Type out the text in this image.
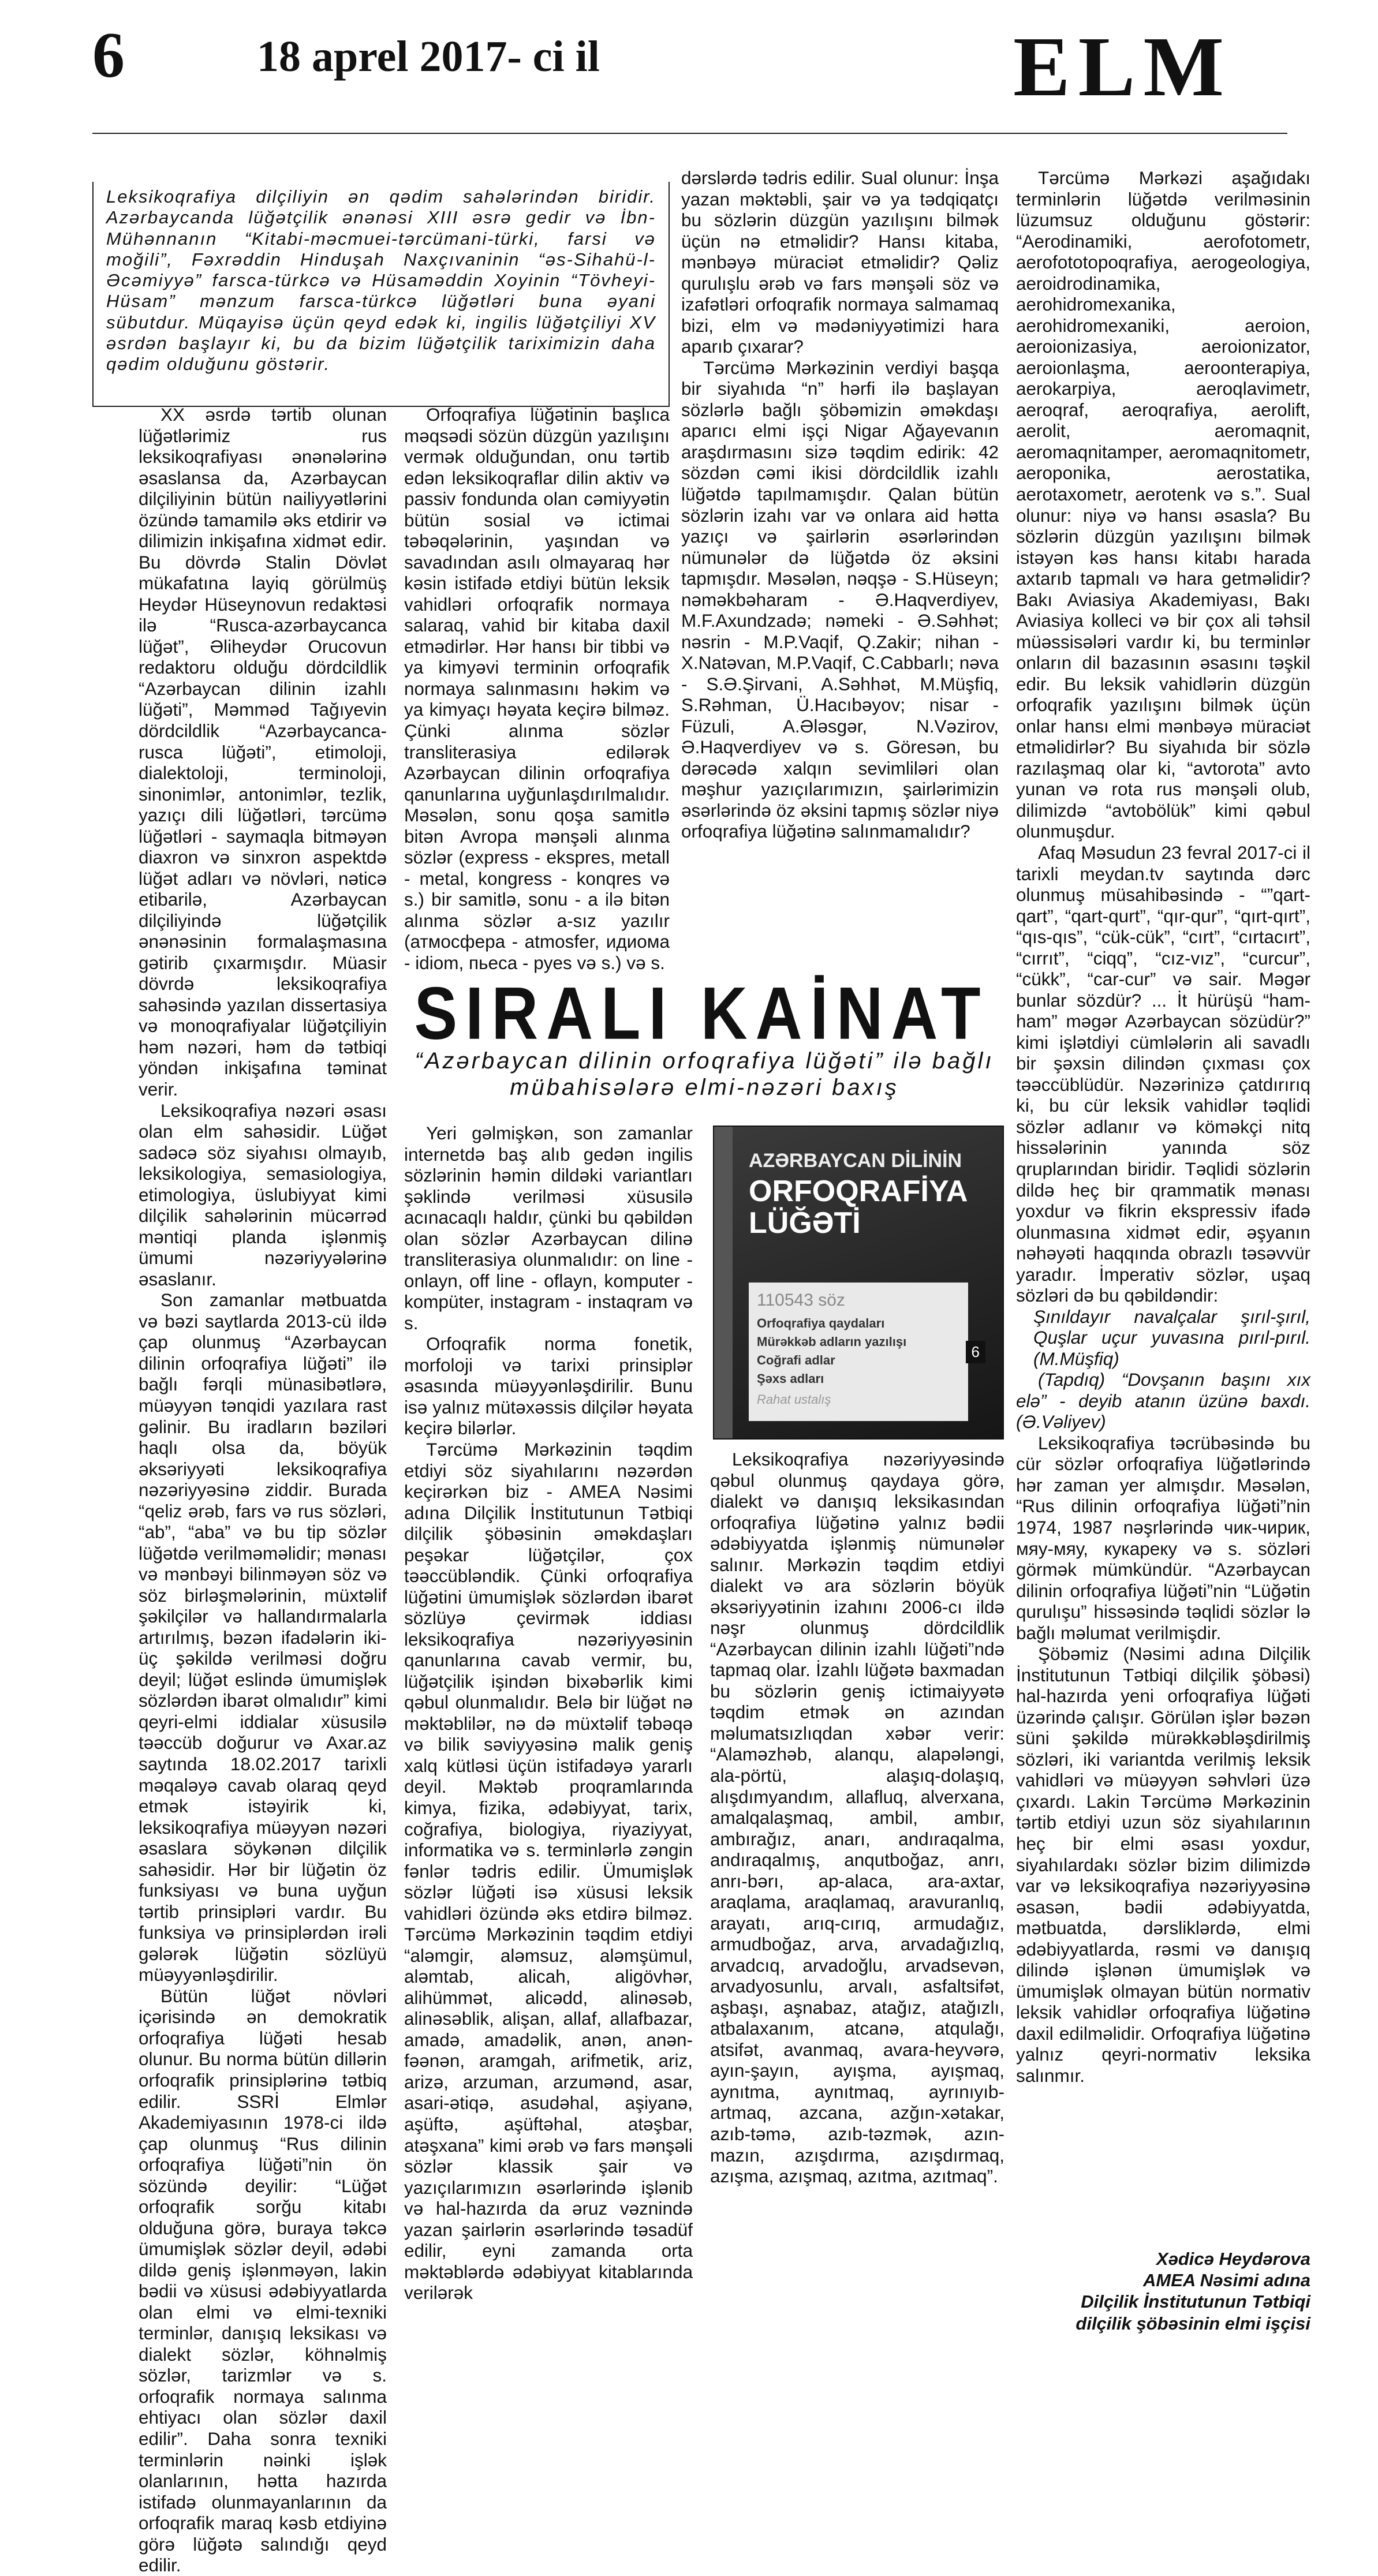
6	18 aprel 2017- ci il	ELM
Leksikoqrafiya dilçiliyin ən qədim sahələrindən biridir. Azərbaycanda lüğətçilik ənənəsi XIII əsrə gedir və İbn-Mühənnanın “Kitabi-məcmuei-tərcümani-türki, farsi və moğili”, Fəxrəddin Hinduşah Naxçıvaninin “əs-Sihahü-l-Əcəmiyyə” farsca-türkcə və Hüsaməddin Xoyinin “Tövheyi-Hüsam” mənzum farsca-türkcə lüğətləri buna əyani sübutdur. Müqayisə üçün qeyd edək ki, ingilis lüğətçiliyi XV əsrdən başlayır ki, bu da bizim lüğətçilik tariximizin daha qədim olduğunu göstərir.

XX əsrdə tərtib olunan lüğətlərimiz rus leksikoqrafiyası ənənələrinə əsaslansa da, Azərbaycan dilçiliyinin bütün nailiyyətlərini özündə tamamilə əks etdirir və dilimizin inkişafına xidmət edir. Bu dövrdə Stalin Dövlət mükafatına layiq görülmüş Heydər Hüseynovun redaktəsi ilə “Rusca-azərbaycanca lüğət”, Əliheydər Orucovun redaktoru olduğu dördcildlik “Azərbaycan dilinin izahlı lüğəti”, Məmməd Tağıyevin dördcildlik “Azərbaycanca-rusca lüğəti”, etimoloji, dialektoloji, terminoloji, sinonimlər, antonimlər, tezlik, yazıçı dili lüğətləri, tərcümə lüğətləri - saymaqla bitməyən diaxron və sinxron aspektdə lüğət adları və növləri, nəticə etibarilə, Azərbaycan dilçiliyində lüğətçilik ənənəsinin formalaşmasına gətirib çıxarmışdır. Müasir dövrdə leksikoqrafiya sahəsində yazılan dissertasiya və monoqrafiyalar lüğətçiliyin həm nəzəri, həm də tətbiqi yöndən inkişafına təminat verir.

Leksikoqrafiya nəzəri əsası olan elm sahəsidir. Lüğət sadəcə söz siyahısı olmayıb, leksikologiya, semasiologiya, etimologiya, üslubiyyat kimi dilçilik sahələrinin mücərrəd məntiqi planda işlənmiş ümumi nəzəriyyələrinə əsaslanır.

Son zamanlar mətbuatda və bəzi saytlarda 2013-cü ildə çap olunmuş “Azərbaycan dilinin orfoqrafiya lüğəti” ilə bağlı fərqli münasibətlərə, müəyyən tənqidi yazılara rast gəlinir. Bu iradların bəziləri haqlı olsa da, böyük əksəriyyəti leksikoqrafiya nəzəriyyəsinə ziddir. Burada “qeliz ərəb, fars və rus sözləri, “ab”, “aba” və bu tip sözlər lüğətdə verilməməlidir; mənası və mənbəyi bilinməyən söz və söz birləşmələrinin, müxtəlif şəkilçilər və hallandırmalarla artırılmış, bəzən ifadələrin iki-üç şəkildə verilməsi doğru deyil; lüğət eslində ümumişlək sözlərdən ibarət olmalıdır” kimi qeyri-elmi iddialar xüsusilə təəccüb doğurur və Axar.az saytında 18.02.2017 tarixli məqaləyə cavab olaraq qeyd etmək istəyirik ki, leksikoqrafiya müəyyən nəzəri əsaslara söykənən dilçilik sahəsidir. Hər bir lüğətin öz funksiyası və buna uyğun tərtib prinsipləri vardır. Bu funksiya və prinsiplərdən irəli gələrək lüğətin sözlüyü müəyyənləşdirilir.

Bütün lüğət növləri içərisində ən demokratik orfoqrafiya lüğəti hesab olunur. Bu norma bütün dillərin orfoqrafik prinsiplərinə tətbiq edilir. SSRİ Elmlər Akademiyasının 1978-ci ildə çap olunmuş “Rus dilinin orfoqrafiya lüğəti”nin ön sözündə deyilir: “Lüğət orfoqrafik sorğu kitabı olduğuna görə, buraya təkcə ümumişlək sözlər deyil, ədəbi dildə geniş işlənməyən, lakin bədii və xüsusi ədəbiyyatlarda olan elmi və elmi-texniki terminlər, danışıq leksikası və dialekt sözlər, köhnəlmiş sözlər, tarizmlər və s. orfoqrafik normaya salınma ehtiyacı olan sözlər daxil edilir”. Daha sonra texniki terminlərin nəinki işlək olanlarının, hətta hazırda istifadə olunmayanlarının da orfoqrafik maraq kəsb etdiyinə görə lüğətə salındığı qeyd edilir.

Orfoqrafiya lüğətinin başlıca məqsədi sözün düzgün yazılışını vermək olduğundan, onu tərtib edən leksikoqraflar dilin aktiv və passiv fondunda olan cəmiyyətin bütün sosial və ictimai təbəqələrinin, yaşından və savadından asılı olmayaraq hər kəsin istifadə etdiyi bütün leksik vahidləri orfoqrafik normaya salaraq, vahid bir kitaba daxil etmədirlər. Hər hansı bir tibbi və ya kimyəvi terminin orfoqrafik normaya salınmasını həkim və ya kimyaçı həyata keçirə bilməz. Çünki alınma sözlər transliterasiya edilərək Azərbaycan dilinin orfoqrafiya qanunlarına uyğunlaşdırılmalıdır. Məsələn, sonu qoşa samitlə bitən Avropa mənşəli alınma sözlər (express - ekspres, metall - metal, kongress - konqres və s.) bir samitlə, sonu - a ilə bitən alınma sözlər a-sız yazılır (атмосфера - atmosfer, идиома - idiom, пьеса - pyes və s.) və s.

dərslərdə tədris edilir. Sual olunur: İnşa yazan məktəbli, şair və ya tədqiqatçı bu sözlərin düzgün yazılışını bilmək üçün nə etməlidir? Hansı kitaba, mənbəyə müraciət etməlidir? Qəliz qurulışlu ərəb və fars mənşəli söz və izafətləri orfoqrafik normaya salmamaq bizi, elm və mədəniyyətimizi hara aparıb çıxarar?

Tərcümə Mərkəzinin verdiyi başqa bir siyahıda “n” hərfi ilə başlayan sözlərlə bağlı şöbəmizin əməkdaşı aparıcı elmi işçi Nigar Ağayevanın araşdırmasını sizə təqdim edirik: 42 sözdən cəmi ikisi dördcildlik izahlı lüğətdə tapılmamışdır. Qalan bütün sözlərin izahı var və onlara aid hətta yazıçı və şairlərin əsərlərindən nümunələr də lüğətdə öz əksini tapmışdır. Məsələn, nəqşə - S.Hüseyn; nəməkbəharam - Ə.Haqverdiyev, M.F.Axundzadə; nəmeki - Ə.Səhhət; nəsrin - M.P.Vaqif, Q.Zakir; nihan - X.Natəvan, M.P.Vaqif, C.Cabbarlı; nəva - S.Ə.Şirvani, A.Səhhət, M.Müşfiq, S.Rəhman, Ü.Hacıbəyov; nisar - Füzuli, A.Ələsgər, N.Vəzirov, Ə.Haqverdiyev və s. Göresən, bu dərəcədə xalqın sevimliləri olan məşhur yazıçılarımızın, şairlərimizin əsərlərində öz əksini tapmış sözlər niyə orfoqrafiya lüğətinə salınmamalıdır?

Tərcümə Mərkəzi aşağıdakı terminlərin lüğətdə verilməsinin lüzumsuz olduğunu göstərir: “Aerodinamiki, aerofotometr, aerofototopoqrafiya, aerogeologiya, aeroidrodinamika, aerohidromexanika, aerohidromexaniki, aeroion, aeroionizasiya, aeroionizator, aeroionlaşma, aeroonterapiya, aerokarpiya, aeroqlavimetr, aeroqraf, aeroqrafiya, aerolift, aerolit, aeromaqnit, aeromaqnitamper, aeromaqnitometr, aeroponika, aerostatika, aerotaxometr, aerotenk və s.”. Sual olunur: niyə və hansı əsasla? Bu sözlərin düzgün yazılışını bilmək istəyən kəs hansı kitabı harada axtarıb tapmalı və hara getməlidir? Bakı Aviasiya Akademiyası, Bakı Aviasiya kolleci və bir çox ali təhsil müəssisələri vardır ki, bu terminlər onların dil bazasının əsasını təşkil edir. Bu leksik vahidlərin düzgün orfoqrafik yazılışını bilmək üçün onlar hansı elmi mənbəyə müraciət etməlidirlər? Bu siyahıda bir sözlə razılaşmaq olar ki, “avtorota” avto yunan və rota rus mənşəli olub, dilimizdə “avtobölük” kimi qəbul olunmuşdur.

Afaq Məsudun 23 fevral 2017-ci il tarixli meydan.tv saytında dərc olunmuş müsahibəsində - “”qart-qart”, “qart-qurt”, “qır-qur”, “qırt-qırt”, “qıs-qıs”, “cük-cük”, “cırt”, “cırtacırt”, “cırrıt”, “ciqq”, “cız-vız”, “curcur”, “cükk”, “car-cur” və sair. Məgər bunlar sözdür? ... İt hürüşü “ham-ham” məgər Azərbaycan sözüdür?” kimi işlətdiyi cümlələrin ali savadlı bir şəxsin dilindən çıxması çox təəccüblüdür. Nəzərinizə çatdırırıq ki, bu cür leksik vahidlər təqlidi sözlər adlanır və köməkçi nitq hissələrinin yanında söz qruplarından biridir. Təqlidi sözlərin dildə heç bir qrammatik mənası yoxdur və fikrin ekspressiv ifadə olunmasına xidmət edir, əşyanın nəhəyəti haqqında obrazlı təsəvvür yaradır. İmperativ sözlər, uşaq sözləri də bu qəbildəndir:

Şınıldayır navalçalar şırıl-şırıl, Quşlar uçur yuvasına pırıl-pırıl. (M.Müşfiq)

(Tapdıq) “Dovşanın başını xıx elə” - deyib atanın üzünə baxdı. (Ə.Vəliyev)

Leksikoqrafiya təcrübəsində bu cür sözlər orfoqrafiya lüğətlərində hər zaman yer almışdır. Məsələn, “Rus dilinin orfoqrafiya lüğəti”nin 1974, 1987 nəşrlərində чик-чирик, мяу-мяу, кукареку və s. sözləri görmək mümkündür. “Azərbaycan dilinin orfoqrafiya lüğəti”nin “Lüğətin qurulışu” hissəsində təqlidi sözlər lə bağlı məlumat verilmişdir.

Şöbəmiz (Nəsimi adına Dilçilik İnstitutunun Tətbiqi dilçilik şöbəsi) hal-hazırda yeni orfoqrafiya lüğəti üzərində çalışır. Görülən işlər bəzən süni şəkildə mürəkkəbləşdirilmiş sözləri, iki variantda verilmiş leksik vahidləri və müəyyən səhvləri üzə çıxardı. Lakin Tərcümə Mərkəzinin tərtib etdiyi uzun söz siyahılarının heç bir elmi əsası yoxdur, siyahılardakı sözlər bizim dilimizdə var və leksikoqrafiya nəzəriyyəsinə əsasən, bədii ədəbiyyatda, mətbuatda, dərsliklərdə, elmi ədəbiyyatlarda, rəsmi və danışıq dilində işlənən ümumişlək və ümumişlək olmayan bütün normativ leksik vahidlər orfoqrafiya lüğətinə daxil edilməlidir. Orfoqrafiya lüğətinə yalnız qeyri-normativ leksika salınmır.

SIRALI KAİNAT
“Azərbaycan dilinin orfoqrafiya lüğəti” ilə bağlı mübahisələrə elmi-nəzəri baxış

Yeri gəlmişkən, son zamanlar internetdə baş alıb gedən ingilis sözlərinin həmin dildəki variantları şəklində verilməsi xüsusilə acınacaqlı haldır, çünki bu qəbildən olan sözlər Azərbaycan dilinə transliterasiya olunmalıdır: on line - onlayn, off line - oflayn, komputer - kompüter, instagram - instaqram və s.

Orfoqrafik norma fonetik, morfoloji və tarixi prinsiplər əsasında müəyyənləşdirilir. Bunu isə yalnız mütəxəssis dilçilər həyata keçirə bilərlər.

Tərcümə Mərkəzinin təqdim etdiyi söz siyahılarını nəzərdən keçirərkən biz - AMEA Nəsimi adına Dilçilik İnstitutunun Tətbiqi dilçilik şöbəsinin əməkdaşları peşəkar lüğətçilər, çox təəccübləndik. Çünki orfoqrafiya lüğətini ümumişlək sözlərdən ibarət sözlüyə çevirmək iddiası leksikoqrafiya nəzəriyyəsinin qanunlarına cavab vermir, bu, lüğətçilik işindən bixəbərlik kimi qəbul olunmalıdır. Belə bir lüğət nə məktəblilər, nə də müxtəlif təbəqə və bilik səviyyəsinə malik geniş xalq kütləsi üçün istifadəyə yararlı deyil. Məktəb proqramlarında kimya, fizika, ədəbiyyat, tarix, coğrafiya, biologiya, riyaziyyat, informatika və s. terminlərlə zəngin fənlər tədris edilir. Ümumişlək sözlər lüğəti isə xüsusi leksik vahidləri özündə əks etdirə bilməz. Tərcümə Mərkəzinin təqdim etdiyi “aləmgir, aləmsuz, aləmşümul, aləmtab, alicah, aligövhər, alihümmət, alicədd, alinəsəb, alinəsəblik, alişan, allaf, allafbazar, amadə, amadəlik, anən, anən-fəənən, aramgah, arifmetik, ariz, arizə, arzuman, arzumənd, asar, asari-ətiqə, asudəhal, aşiyanə, aşüftə, aşüftəhal, atəşbar, atəşxana” kimi ərəb və fars mənşəli sözlər klassik şair və yazıçılarımızın əsərlərində işlənib və hal-hazırda da əruz vəznində yazan şairlərin əsərlərində təsadüf edilir, eyni zamanda orta məktəblərdə ədəbiyyat kitablarında verilərək

AZƏRBAYCAN DİLİNİN
ORFOQRAFİYA LÜĞƏTİ
110543 söz
Orfoqrafiya qaydaları
Mürəkkəb adların yazılışı
Coğrafi adlar
Şəxs adları
Rahat ustalış
6

Leksikoqrafiya nəzəriyyəsində qəbul olunmuş qaydaya görə, dialekt və danışıq leksikasından orfoqrafiya lüğətinə yalnız bədii ədəbiyyatda işlənmiş nümunələr salınır. Mərkəzin təqdim etdiyi dialekt və ara sözlərin böyük əksəriyyətinin izahını 2006-cı ildə nəşr olunmuş dördcildlik “Azərbaycan dilinin izahlı lüğəti”ndə tapmaq olar. İzahlı lüğətə baxmadan bu sözlərin geniş ictimaiyyətə təqdim etmək ən azından məlumatsızlıqdan xəbər verir: “Alaməzhəb, alanqu, alapələngi, ala-pörtü, alaşıq-dolaşıq, alışdımyandım, allafluq, alverxana, amalqalaşmaq, ambil, ambır, ambırağız, anarı, andıraqalma, andıraqalmış, anqutboğaz, anrı, anrı-bərı, ap-alaca, ara-axtar, araqlama, araqlamaq, aravuranlıq, arayatı, arıq-cırıq, armudağız, armudboğaz, arva, arvadağızlıq, arvadcıq, arvadoğlu, arvadsevən, arvadyosunlu, arvalı, asfaltsifət, aşbaşı, aşnabaz, atağız, atağızlı, atbalaxanım, atcanə, atqulağı, atsifət, avanmaq, avara-heyvərə, ayın-şayın, ayışma, ayışmaq, aynıtma, aynıtmaq, ayrınıyıb-artmaq, azcana, azğın-xətakar, azıb-təmə, azıb-təzmək, azın-mazın, azışdırma, azışdırmaq, azışma, azışmaq, azıtma, azıtmaq”.

Xədicə Heydərova
AMEA Nəsimi adına
Dilçilik İnstitutunun Tətbiqi
dilçilik şöbəsinin elmi işçisi
